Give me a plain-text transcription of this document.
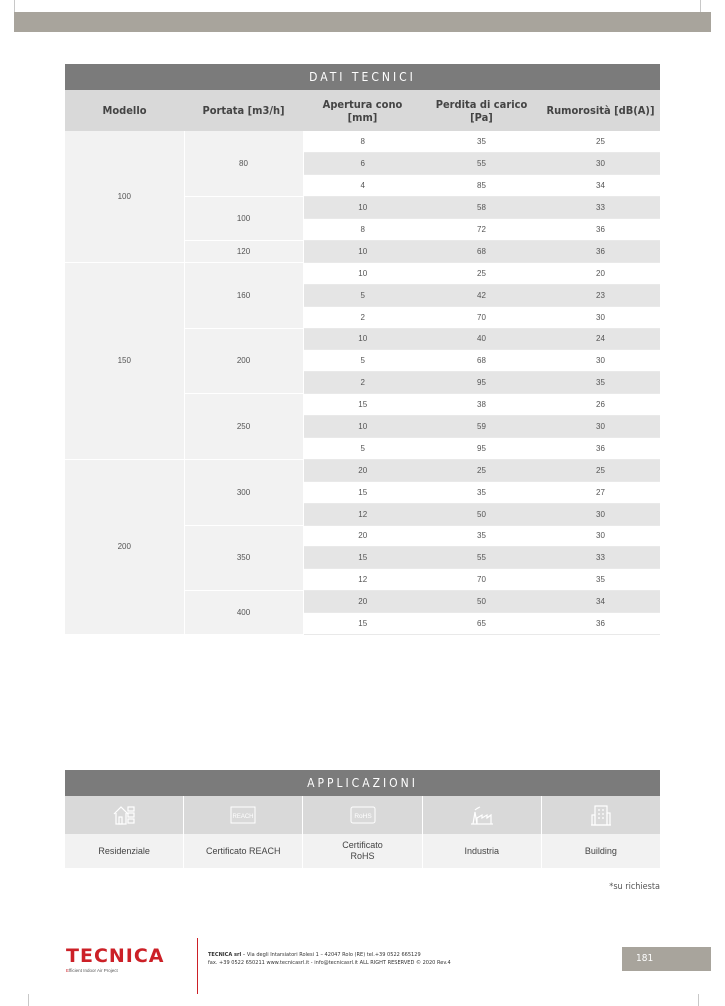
DATI TECNICI
Modello	Portata [m3/h]	Apertura cono [mm]	Perdita di carico [Pa]	Rumorosità [dB(A)]
100	80	8	35	25
		6	55	30
		4	85	34
	100	10	58	33
		8	72	36
	120	10	68	36
150	160	10	25	20
		5	42	23
		2	70	30
	200	10	40	24
		5	68	30
		2	95	35
	250	15	38	26
		10	59	30
		5	95	36
200	300	20	25	25
		15	35	27
		12	50	30
	350	20	35	30
		15	55	33
		12	70	35
	400	20	50	34
		15	65	36
APPLICAZIONI
REACH	RoHS
Residenziale	Certificato REACH
Certificato
RoHS
Industria	Building
*su richiesta
TECNICA
Efficient Indoor Air Project
TECNICA srl – Via degli Intarsiatori Rolesi 1 – 42047 Rolo (RE) tel.+39 0522 665129
fax. +39 0522 650211 www.tecnicasrl.it - info@tecnicasrl.it ALL RIGHT RESERVED © 2020 Rev.4	181
